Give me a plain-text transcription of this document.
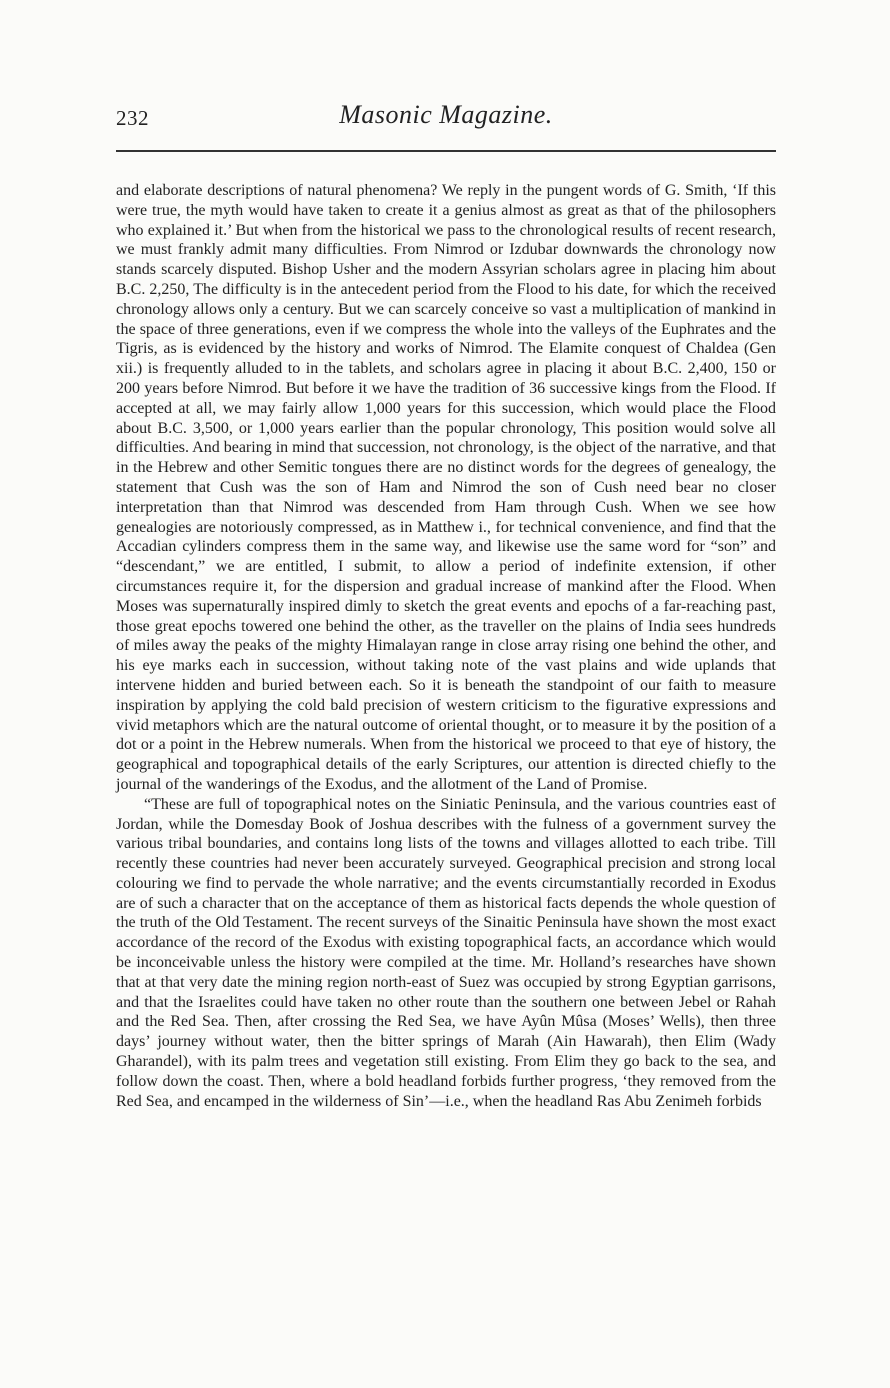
232	Masonic Magazine.

and elaborate descriptions of natural phenomena? We reply in the pungent words of G. Smith, ‘If this were true, the myth would have taken to create it a genius almost as great as that of the philosophers who explained it.’ But when from the historical we pass to the chronological results of recent research, we must frankly admit many difficulties. From Nimrod or Izdubar downwards the chronology now stands scarcely disputed. Bishop Usher and the modern Assyrian scholars agree in placing him about B.C. 2,250, The difficulty is in the antecedent period from the Flood to his date, for which the received chronology allows only a century. But we can scarcely conceive so vast a multiplication of mankind in the space of three generations, even if we compress the whole into the valleys of the Euphrates and the Tigris, as is evidenced by the history and works of Nimrod. The Elamite conquest of Chaldea (Gen xii.) is frequently alluded to in the tablets, and scholars agree in placing it about B.C. 2,400, 150 or 200 years before Nimrod. But before it we have the tradition of 36 successive kings from the Flood. If accepted at all, we may fairly allow 1,000 years for this succession, which would place the Flood about B.C. 3,500, or 1,000 years earlier than the popular chronology, This position would solve all difficulties. And bearing in mind that succession, not chronology, is the object of the narrative, and that in the Hebrew and other Semitic tongues there are no distinct words for the degrees of genealogy, the statement that Cush was the son of Ham and Nimrod the son of Cush need bear no closer interpretation than that Nimrod was descended from Ham through Cush. When we see how genealogies are notoriously compressed, as in Matthew i., for technical convenience, and find that the Accadian cylinders compress them in the same way, and likewise use the same word for “son” and “descendant,” we are entitled, I submit, to allow a period of indefinite extension, if other circumstances require it, for the dispersion and gradual increase of mankind after the Flood. When Moses was supernaturally inspired dimly to sketch the great events and epochs of a far-reaching past, those great epochs towered one behind the other, as the traveller on the plains of India sees hundreds of miles away the peaks of the mighty Himalayan range in close array rising one behind the other, and his eye marks each in succession, without taking note of the vast plains and wide uplands that intervene hidden and buried between each. So it is beneath the standpoint of our faith to measure inspiration by applying the cold bald precision of western criticism to the figurative expressions and vivid metaphors which are the natural outcome of oriental thought, or to measure it by the position of a dot or a point in the Hebrew numerals. When from the historical we proceed to that eye of history, the geographical and topographical details of the early Scriptures, our attention is directed chiefly to the journal of the wanderings of the Exodus, and the allotment of the Land of Promise.

“These are full of topographical notes on the Siniatic Peninsula, and the various countries east of Jordan, while the Domesday Book of Joshua describes with the fulness of a government survey the various tribal boundaries, and contains long lists of the towns and villages allotted to each tribe. Till recently these countries had never been accurately surveyed. Geographical precision and strong local colouring we find to pervade the whole narrative; and the events circumstantially recorded in Exodus are of such a character that on the acceptance of them as historical facts depends the whole question of the truth of the Old Testament. The recent surveys of the Sinaitic Peninsula have shown the most exact accordance of the record of the Exodus with existing topographical facts, an accordance which would be inconceivable unless the history were compiled at the time. Mr. Holland’s researches have shown that at that very date the mining region north-east of Suez was occupied by strong Egyptian garrisons, and that the Israelites could have taken no other route than the southern one between Jebel or Rahah and the Red Sea. Then, after crossing the Red Sea, we have Ayûn Mûsa (Moses’ Wells), then three days’ journey without water, then the bitter springs of Marah (Ain Hawarah), then Elim (Wady Gharandel), with its palm trees and vegetation still existing. From Elim they go back to the sea, and follow down the coast. Then, where a bold headland forbids further progress, ‘they removed from the Red Sea, and encamped in the wilderness of Sin’—i.e., when the headland Ras Abu Zenimeh forbids
